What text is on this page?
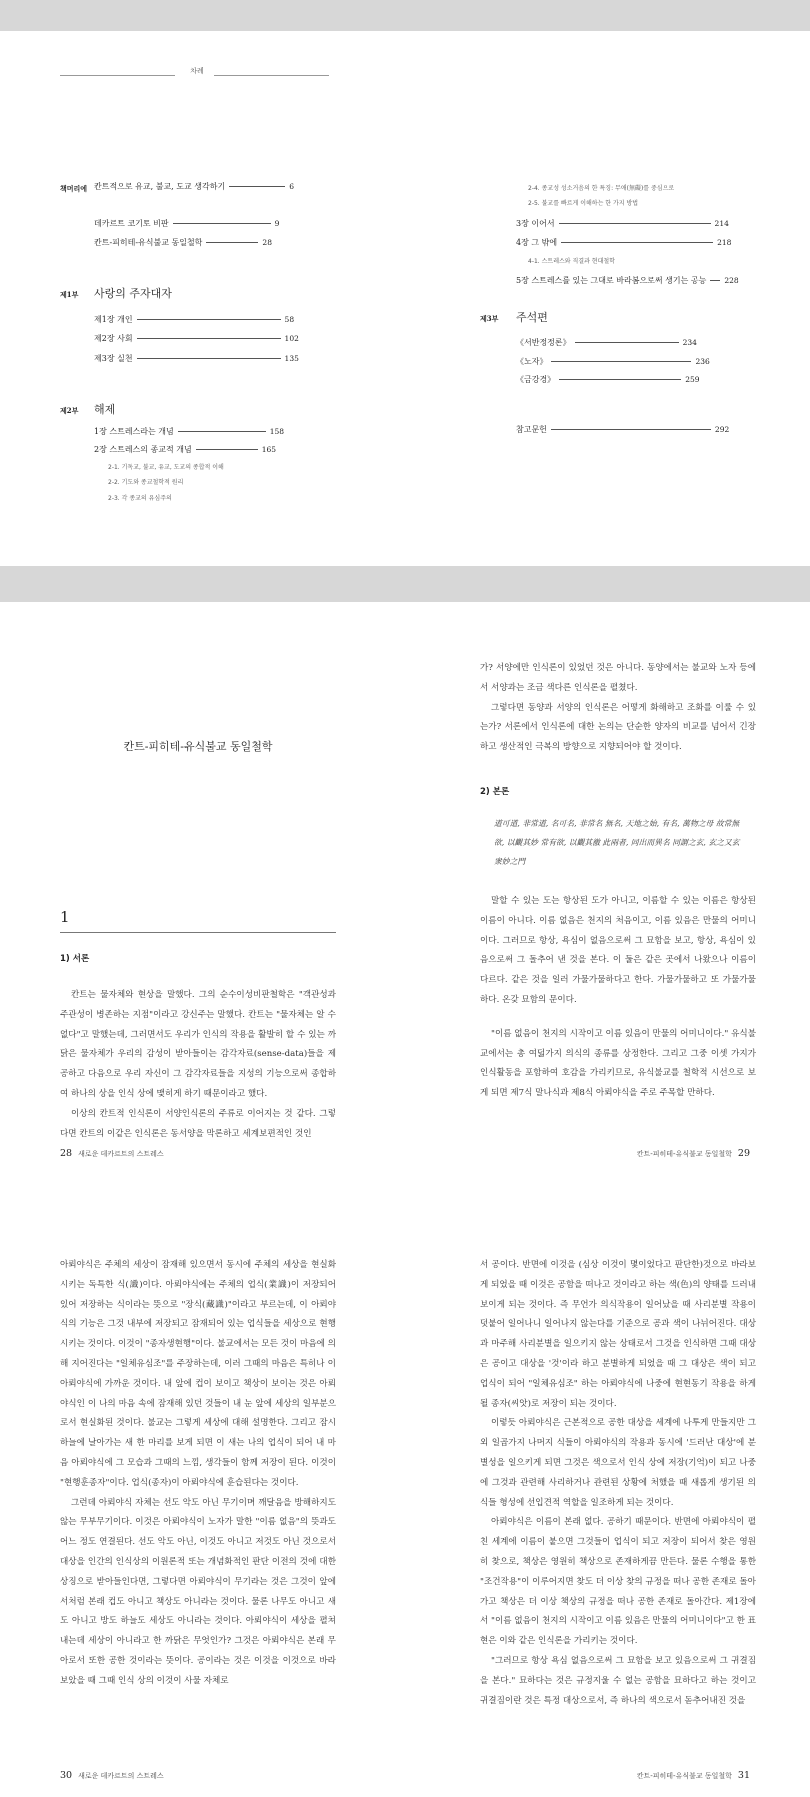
차례
책머리에 칸트적으로 유교, 불교, 도교 생각하기	6
데카르트 코기토 비판	9
칸트-피히테-유식불교 동일철학	28
제1부 사랑의 주자대자
제1장 개인	58
제2장 사회	102
제3장 실천	135
제2부 해제
1장 스트레스라는 개념	158
2장 스트레스의 종교적 개념	165
2-1. 기독교, 불교, 유교, 도교의 종합적 이해
2-2. 기도와 종교철학적 원리
2-3. 각 종교의 유심주의
2-4. 종교성 성소거음의 한 특징: 무애(無礙)를 중심으로
2-5. 불교를 빠르게 이해하는 한 가지 방법
3장 이어서	214
4장 그 밖에	218
4-1. 스트레스와 직결과 현대철학
5장 스트레스를 있는 그대로 바라봄으로써 생기는 공능 228
제3부 주석편
《서반정정론》	234
《노자》	236
《금강경》	259
참고문헌	292
칸트-피히테-유식불교 동일철학
1
1) 서론

칸트는 물자체와 현상을 말했다. 그의 순수이성비판철학은 "객관성과 주관성이 병존하는 지점"이라고 강신주는 말했다. 칸트는 "물자체는 알 수 없다"고 말했는데, 그러면서도 우리가 인식의 작용을 활발히 할 수 있는 까닭은 물자체가 우리의 감성이 받아들이는 감각자료(sense-data)들을 제공하고 다음으로 우리 자신이 그 감각자료들을 지성의 기능으로써 종합하여 하나의 상을 인식 상에 맺히게 하기 때문이라고 했다.

이상의 칸트적 인식론이 서양인식론의 주류로 이어지는 것 같다. 그렇다면 칸트의 이같은 인식론은 동서양을 막론하고 세계보편적인 것인

가? 서양에만 인식론이 있었던 것은 아니다. 동양에서는 불교와 노자 등에서 서양과는 조금 색다른 인식론을 펼쳤다.

그렇다면 동양과 서양의 인식론은 어떻게 화해하고 조화를 이룰 수 있는가? 서론에서 인식론에 대한 논의는 단순한 양자의 비교를 넘어서 긴장하고 생산적인 극복의 방향으로 지향되어야 할 것이다.

2) 본론
道可道, 非常道, 名可名, 非常名 無名, 天地之始, 有名, 萬物之母 故常無欲, 以觀其妙 常有欲, 以觀其徼 此兩者, 同出而異名 同謂之玄, 玄之又玄 衆妙之門

말할 수 있는 도는 항상된 도가 아니고, 이름할 수 있는 이름은 항상된 이름이 아니다. 이름 없음은 천지의 처음이고, 이름 있음은 만물의 어미니이다. 그러므로 항상, 욕심이 없음으로써 그 묘함을 보고, 항상, 욕심이 있음으로써 그 돌추어 낸 것을 본다. 이 둘은 같은 곳에서 나왔으나 이름이 다르다. 같은 것을 일러 가물가물하다고 한다. 가물가물하고 또 가물가물하다. 온갖 묘함의 문이다.

"이름 없음이 천지의 시작이고 이름 있음이 만물의 어미니이다." 유식불교에서는 총 여덟가지 의식의 종류를 상정한다. 그리고 그중 이셋 가지가 인식활동을 포함하여 호감을 가리키므로, 유식불교를 철학적 시선으로 보게 되면 제7식 말나식과 제8식 아뢰야식을 주로 주목할 만하다.

28 새로운 데카르트의 스트레스	칸트-피히테-유식불교 동일철학 29

아뢰야식은 주체의 세상이 잠재해 있으면서 동시에 주체의 세상을 현실화시키는 독특한 식(識)이다. 아뢰야식에는 주체의 업식(業識)이 저장되어 있어 저장하는 식이라는 뜻으로 "장식(藏識)"이라고 부르는데, 이 아뢰야식의 기능은 그것 내부에 저장되고 잠재되어 있는 업식들을 세상으로 현행시키는 것이다. 이것이 "종자생현행"이다. 불교에서는 모든 것이 마음에 의해 지어진다는 "일체유심조"를 주장하는데, 이러 그때의 마음은 특히나 이 아뢰야식에 가까운 것이다. 내 앞에 컵이 보이고 책상이 보이는 것은 아뢰야식인 이 나의 마음 속에 잠재해 있던 것들이 내 눈 앞에 세상의 일부분으로서 현실화된 것이다. 불교는 그렇게 세상에 대해 설명한다. 그리고 잠시 하늘에 날아가는 새 한 마리를 보게 되면 이 새는 나의 업식이 되어 내 마음 아뢰야식에 그 모습과 그때의 느낌, 생각들이 함께 저장이 된다. 이것이 "현행훈종자"이다. 업식(종자)이 아뢰야식에 훈습된다는 것이다.

그런데 아뢰야식 자체는 선도 악도 아닌 무기이며 깨달음을 방해하지도 않는 무부무기이다. 이것은 아뢰야식이 노자가 말한 "이름 없음"의 뜻과도 어느 정도 연결된다. 선도 악도 아닌, 이것도 아니고 저것도 아닌 것으로서 대상을 인간의 인식상의 이원론적 또는 개념화적인 판단 이전의 것에 대한 상징으로 받아들인다면, 그렇다면 아뢰야식이 무기라는 것은 그것이 앞에서처럼 본래 컵도 아니고 책상도 아니라는 것이다. 물론 나무도 아니고 새도 아니고 방도 하늘도 세상도 아니라는 것이다. 아뢰야식이 세상을 펼쳐내는데 세상이 아니라고 한 까닭은 무엇인가? 그것은 아뢰야식은 본래 무아로서 또한 공한 것이라는 뜻이다. 공이라는 것은 이것을 이것으로 바라보았을 때 그때 인식 상의 이것이 사물 자체로

서 공이다. 반면에 이것을 (심상 이것이 몇이었다고 판단한)것으로 바라보게 되었을 때 이것은 공함을 떠나고 것이라고 하는 색(色)의 양태를 드러내보이게 되는 것이다. 즉 무언가 의식작용이 일어났을 때 사리분별 작용이 덧붙어 일어나니 일어나지 않는다를 기준으로 공과 색이 나뉘어진다. 대상과 마주해 사리분별을 일으키지 않는 상태로서 그것을 인식하면 그때 대상은 공이고 대상을 '것'이라 하고 분별하게 되었을 때 그 대상은 색이 되고 업식이 되어 "일체유심조" 하는 아뢰야식에 나중에 현현동기 작용을 하게 될 종자(씨앗)로 저장이 되는 것이다.

이렇듯 아뢰야식은 근본적으로 공한 대상을 세계에 나투게 만들지만 그 외 일곱가지 나머지 식들이 아뢰야식의 작용과 동시에 '드러난 대상'에 분별성을 일으키게 되면 그것은 색으로서 인식 상에 저장(기억)이 되고 나중에 그것과 관련해 사리하거나 관련된 상황에 처했을 때 새롭게 생기된 의식들 형성에 선입견적 역할을 일조하게 되는 것이다.

아뢰야식은 이름이 본래 없다. 공하기 때문이다. 반면에 아뢰야식이 펼친 세계에 이름이 붙으면 그것들이 업식이 되고 저장이 되어서 찾은 영원히 찾으로, 책상은 영원히 책상으로 존재하게끔 만든다. 물론 수행을 통한 "조건작용"이 이루어지면 찾도 더 이상 찾의 규정을 떠나 공한 존재로 돌아가고 책상은 더 이상 책상의 규정을 떠나 공한 존재로 돌아간다. 제1장에서 "이름 없음이 천지의 시작이고 이름 있음은 만물의 어미니이다"고 한 표현은 이와 같은 인식론을 가리키는 것이다.

"그러므로 항상 욕심 없음으로써 그 묘함을 보고 있음으로써 그 귀결짐을 본다." 묘하다는 것은 규정지울 수 없는 공함을 묘하다고 하는 것이고 귀결짐이란 것은 특정 대상으로서, 즉 하나의 색으로서 돋추어내진 것을

30 새로운 데카르트의 스트레스	칸트-피히테-유식불교 동일철학 31
